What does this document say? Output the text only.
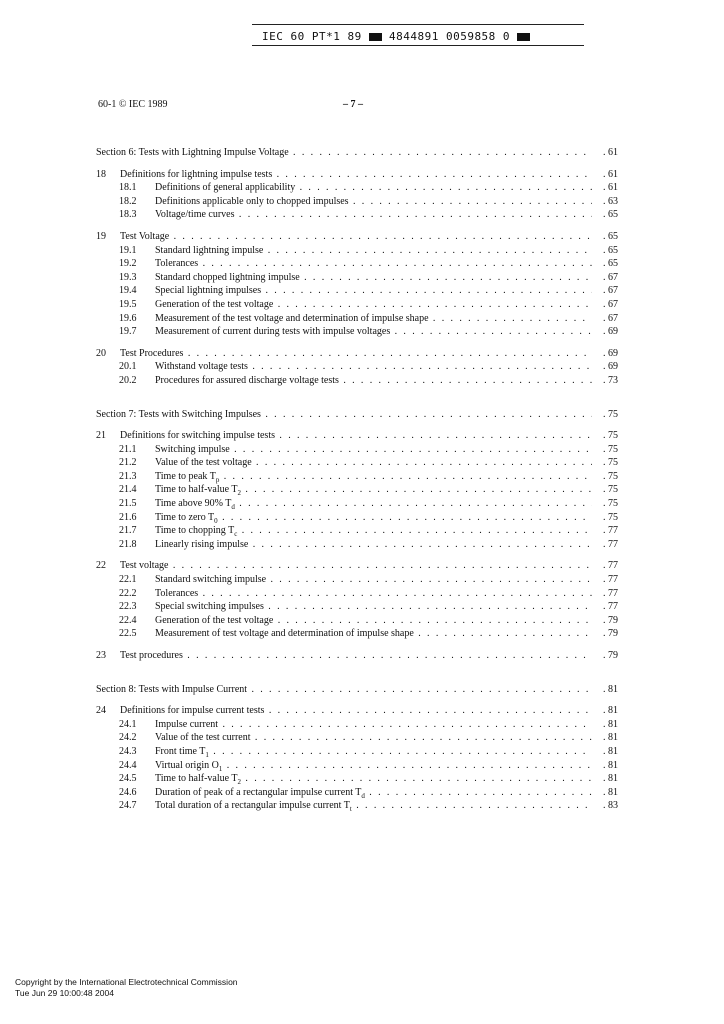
IEC 60 PT*1 89 4844891 0059858 0
60-1 © IEC 1989	– 7 –
Section 6: Tests with Lightning Impulse Voltage . . .	. 61
18 Definitions for lightning impulse tests . . .	. 61
18.1 Definitions of general applicability . . .	. 61
18.2 Definitions applicable only to chopped impulses . . .	. 63
18.3 Voltage/time curves . . .	. 65
19 Test Voltage . . .	. 65
19.1 Standard lightning impulse . . .	. 65
19.2 Tolerances . . .	. 65
19.3 Standard chopped lightning impulse . . .	. 67
19.4 Special lightning impulses . . .	. 67
19.5 Generation of the test voltage . . .	. 67
19.6 Measurement of the test voltage and determination of impulse shape . . .	. 67
19.7 Measurement of current during tests with impulse voltages . . .	. 69
20 Test Procedures . . .	. 69
20.1 Withstand voltage tests . . .	. 69
20.2 Procedures for assured discharge voltage tests . . .	. 73
Section 7: Tests with Switching Impulses . . .	. 75
21 Definitions for switching impulse tests . . .	. 75
21.1 Switching impulse . . .	. 75
21.2 Value of the test voltage . . .	. 75
21.3 Time to peak $T_p$ . . .	. 75
21.4 Time to half-value $T_2$ . . .	. 75
21.5 Time above 90% $T_d$ . . .	. 75
21.6 Time to zero $T_0$ . . .	. 75
21.7 Time to chopping $T_c$ . . .	. 77
21.8 Linearly rising impulse . . .	. 77
22 Test voltage . . .	. 77
22.1 Standard switching impulse . . .	. 77
22.2 Tolerances . . .	. 77
22.3 Special switching impulses . . .	. 77
22.4 Generation of the test voltage . . .	. 79
22.5 Measurement of test voltage and determination of impulse shape . . .	. 79
23 Test procedures . . .	. 79
Section 8: Tests with Impulse Current . . .	. 81
24 Definitions for impulse current tests . . .	. 81
24.1 Impulse current . . .	. 81
24.2 Value of the test current . . .	. 81
24.3 Front time $T_1$ . . .	. 81
24.4 Virtual origin $O_1$ . . .	. 81
24.5 Time to half-value $T_2$ . . .	. 81
24.6 Duration of peak of a rectangular impulse current $T_d$ . . .	. 81
24.7 Total duration of a rectangular impulse current $T_t$ . . .	. 83
Copyright by the International Electrotechnical Commission
Tue Jun 29 10:00:48 2004
